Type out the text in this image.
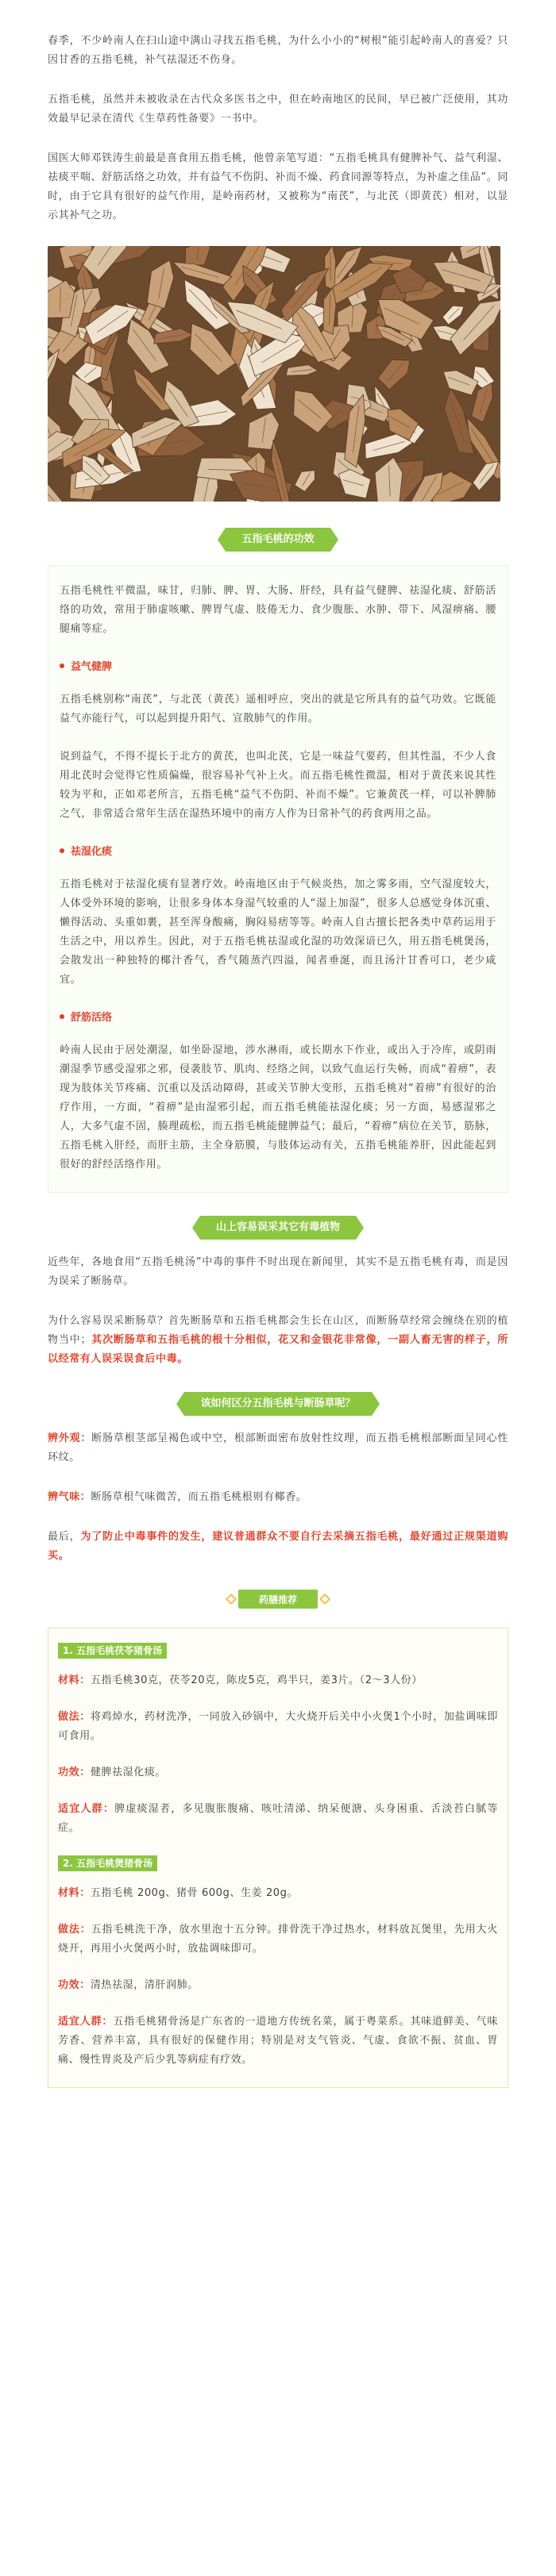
春季，不少岭南人在扫山途中满山寻找五指毛桃，为什么小小的“树根”能引起岭南人的喜爱？只因甘香的五指毛桃，补气祛湿还不伤身。

五指毛桃，虽然并未被收录在古代众多医书之中，但在岭南地区的民间，早已被广泛使用，其功效最早记录在清代《生草药性备要》一书中。

国医大师邓铁涛生前最是喜食用五指毛桃，他曾亲笔写道：“五指毛桃具有健脾补气、益气利湿、祛痰平喘、舒筋活络之功效，并有益气不伤阴、补而不燥、药食同源等特点，为补虚之佳品”。同时，由于它具有很好的益气作用，是岭南药材，又被称为“南芪”，与北芪（即黄芪）相对，以显示其补气之功。

五指毛桃的功效

五指毛桃性平微温，味甘，归肺、脾、胃、大肠、肝经，具有益气健脾、祛湿化痰、舒筋活络的功效，常用于肺虚咳嗽、脾胃气虚、肢倦无力、食少腹胀、水肿、带下、风湿痹痛、腰腿痛等症。

益气健脾

五指毛桃别称“南芪”，与北芪（黄芪）遥相呼应，突出的就是它所具有的益气功效。它既能益气亦能行气，可以起到提升阳气、宣散肺气的作用。

说到益气，不得不提长于北方的黄芪，也叫北芪，它是一味益气要药，但其性温，不少人食用北芪时会觉得它性质偏燥，很容易补气补上火。而五指毛桃性微温，相对于黄芪来说其性较为平和，正如邓老所言，五指毛桃“益气不伤阴、补而不燥”。它兼黄芪一样，可以补脾肺之气，非常适合常年生活在湿热环境中的南方人作为日常补气的药食两用之品。

祛湿化痰

五指毛桃对于祛湿化痰有显著疗效。岭南地区由于气候炎热，加之雾多雨，空气湿度较大，人体受外环境的影响，让很多身体本身湿气较重的人“湿上加湿”，很多人总感觉身体沉重、懒得活动、头重如裹，甚至浑身酸痛，胸闷易痞等等。岭南人自古擅长把各类中草药运用于生活之中，用以养生。因此，对于五指毛桃祛湿或化湿的功效深谙已久，用五指毛桃煲汤，会散发出一种独特的椰汁香气，香气随蒸汽四溢，闻者垂涎，而且汤汁甘香可口，老少咸宜。

舒筋活络

岭南人民由于居处潮湿，如坐卧湿地，涉水淋雨，或长期水下作业，或出入于冷库，或阴雨潮湿季节感受湿邪之邪，侵袭肢节、肌肉、经络之间，以致气血运行失畅，而成“着痹”，表现为肢体关节疼痛、沉重以及活动障碍，甚或关节肿大变形，五指毛桃对“着痹”有很好的治疗作用，一方面，“着痹”是由湿邪引起，而五指毛桃能祛湿化痰；另一方面，易感湿邪之人，大多气虚不固，腠理疏松，而五指毛桃能健脾益气；最后，“着痹”病位在关节，筋脉，五指毛桃入肝经，而肝主筋，主全身筋膜，与肢体运动有关，五指毛桃能养肝，因此能起到很好的舒经活络作用。

山上容易误采其它有毒植物

近些年，各地食用“五指毛桃汤”中毒的事件不时出现在新闻里，其实不是五指毛桃有毒，而是因为误采了断肠草。

为什么容易误采断肠草？首先断肠草和五指毛桃都会生长在山区，而断肠草经常会缠绕在别的植物当中；其次断肠草和五指毛桃的根十分相似，花又和金银花非常像，一副人畜无害的样子，所以经常有人误采误食后中毒。

该如何区分五指毛桃与断肠草呢？

辨外观：断肠草根茎部呈褐色或中空，根部断面密布放射性纹理，而五指毛桃根部断面呈同心性环纹。

辨气味：断肠草根气味微苦，而五指毛桃根则有椰香。

最后，为了防止中毒事件的发生，建议普通群众不要自行去采摘五指毛桃，最好通过正规渠道购买。

药膳推荐
1. 五指毛桃茯苓猪骨汤

材料：五指毛桃30克，茯苓20克，陈皮5克，鸡半只，姜3片。（2～3人份）

做法：将鸡焯水，药材洗净，一同放入砂锅中，大火烧开后关中小火煲1个小时，加盐调味即可食用。

功效：健脾祛湿化痰。

适宜人群：脾虚痰湿者，多见腹胀腹痛、咳吐清涕、纳呆便溏、头身困重、舌淡苔白腻等症。

2. 五指毛桃煲猪骨汤

材料：五指毛桃 200g、猪骨 600g、生姜 20g。

做法：五指毛桃洗干净，放水里泡十五分钟。排骨洗干净过热水，材料放瓦煲里，先用大火烧开，再用小火煲两小时，放盐调味即可。

功效：清热祛湿，清肝润肺。

适宜人群：五指毛桃猪骨汤是广东省的一道地方传统名菜，属于粤菜系。其味道鲜美、气味芳香、营养丰富，具有很好的保健作用；特别是对支气管炎、气虚、食欲不振、贫血、胃痛、慢性胃炎及产后少乳等病症有疗效。
